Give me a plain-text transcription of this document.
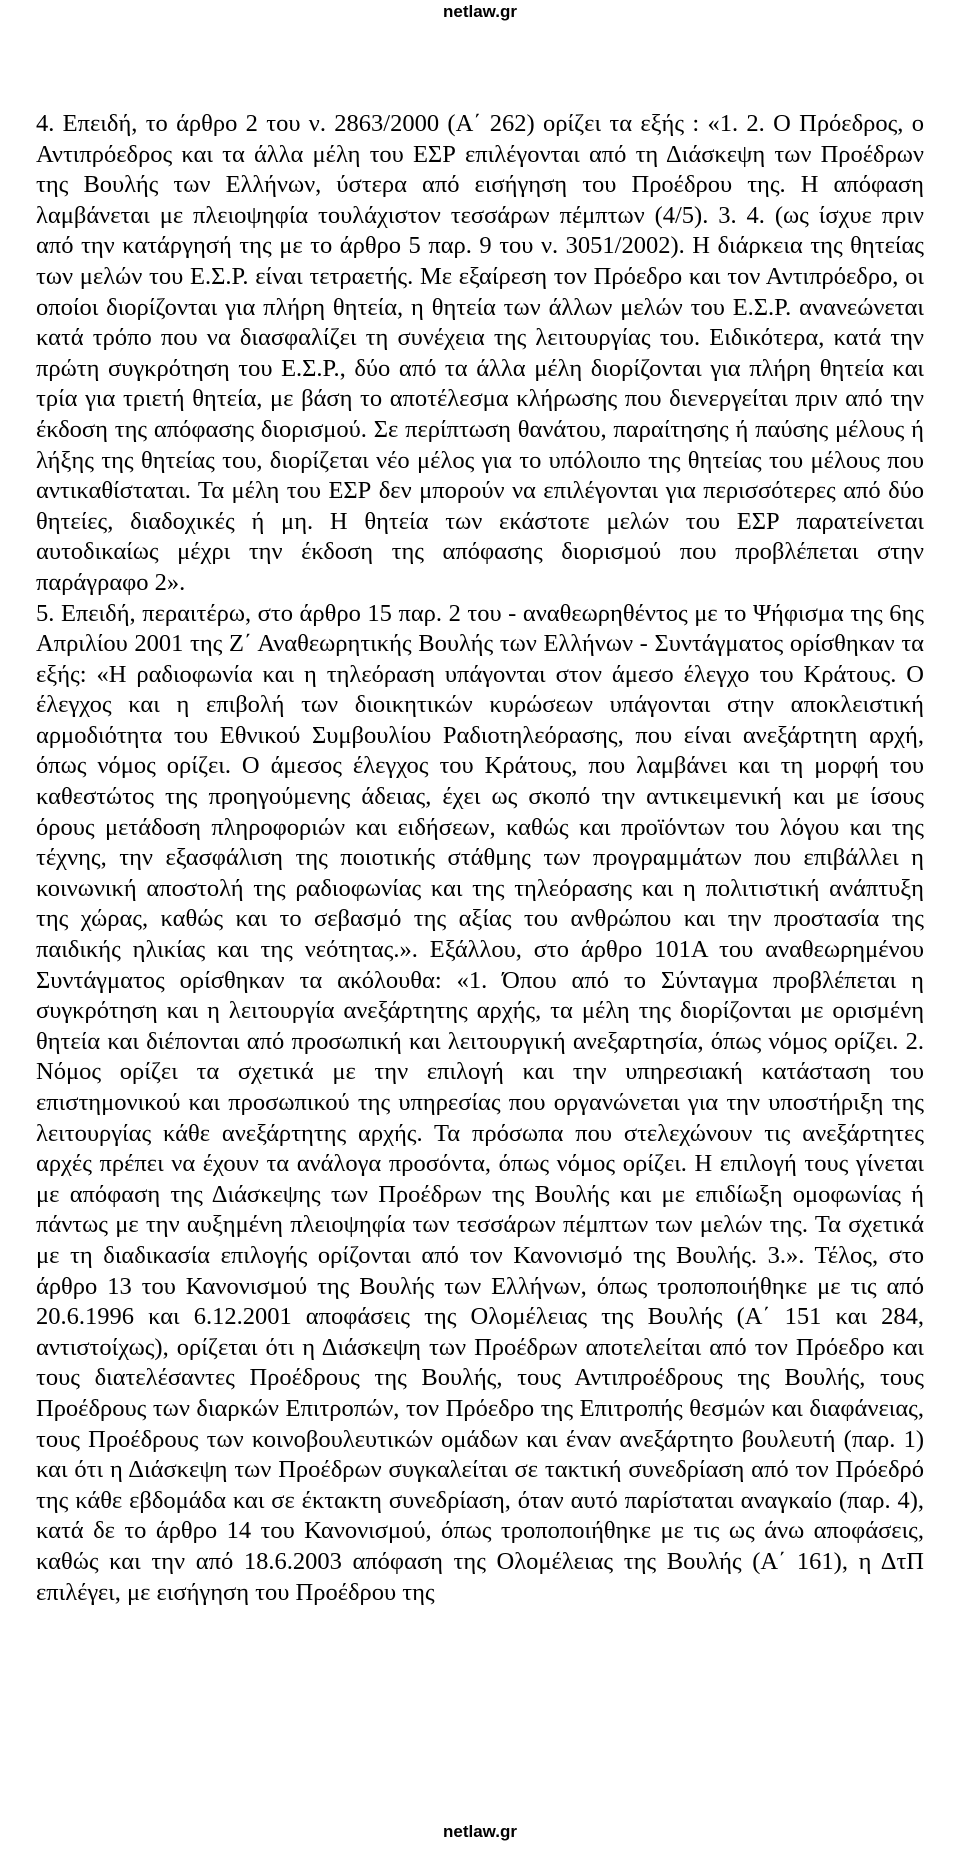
netlaw.gr

4. Επειδή, το άρθρο 2 του ν. 2863/2000 (Α΄ 262) ορίζει τα εξής : «1. 2. Ο Πρόεδρος, ο Αντιπρόεδρος και τα άλλα μέλη του ΕΣΡ επιλέγονται από τη Διάσκεψη των Προέδρων της Βουλής των Ελλήνων, ύστερα από εισήγηση του Προέδρου της. Η απόφαση λαμβάνεται με πλειοψηφία τουλάχιστον τεσσάρων πέμπτων (4/5). 3. 4. (ως ίσχυε πριν από την κατάργησή της με το άρθρο 5 παρ. 9 του ν. 3051/2002). Η διάρκεια της θητείας των μελών του Ε.Σ.Ρ. είναι τετραετής. Με εξαίρεση τον Πρόεδρο και τον Αντιπρόεδρο, οι οποίοι διορίζονται για πλήρη θητεία, η θητεία των άλλων μελών του Ε.Σ.Ρ. ανανεώνεται κατά τρόπο που να διασφαλίζει τη συνέχεια της λειτουργίας του. Ειδικότερα, κατά την πρώτη συγκρότηση του Ε.Σ.Ρ., δύο από τα άλλα μέλη διορίζονται για πλήρη θητεία και τρία για τριετή θητεία, με βάση το αποτέλεσμα κλήρωσης που διενεργείται πριν από την έκδοση της απόφασης διορισμού. Σε περίπτωση θανάτου, παραίτησης ή παύσης μέλους ή λήξης της θητείας του, διορίζεται νέο μέλος για το υπόλοιπο της θητείας του μέλους που αντικαθίσταται. Τα μέλη του ΕΣΡ δεν μπορούν να επιλέγονται για περισσότερες από δύο θητείες, διαδοχικές ή μη. Η θητεία των εκάστοτε μελών του ΕΣΡ παρατείνεται αυτοδικαίως μέχρι την έκδοση της απόφασης διορισμού που προβλέπεται στην παράγραφο 2».

5. Επειδή, περαιτέρω, στο άρθρο 15 παρ. 2 του - αναθεωρηθέντος με το Ψήφισμα της 6ης Απριλίου 2001 της Ζ΄ Αναθεωρητικής Βουλής των Ελλήνων - Συντάγματος ορίσθηκαν τα εξής: «Η ραδιοφωνία και η τηλεόραση υπάγονται στον άμεσο έλεγχο του Κράτους. Ο έλεγχος και η επιβολή των διοικητικών κυρώσεων υπάγονται στην αποκλειστική αρμοδιότητα του Εθνικού Συμβουλίου Ραδιοτηλεόρασης, που είναι ανεξάρτητη αρχή, όπως νόμος ορίζει. Ο άμεσος έλεγχος του Κράτους, που λαμβάνει και τη μορφή του καθεστώτος της προηγούμενης άδειας, έχει ως σκοπό την αντικειμενική και με ίσους όρους μετάδοση πληροφοριών και ειδήσεων, καθώς και προϊόντων του λόγου και της τέχνης, την εξασφάλιση της ποιοτικής στάθμης των προγραμμάτων που επιβάλλει η κοινωνική αποστολή της ραδιοφωνίας και της τηλεόρασης και η πολιτιστική ανάπτυξη της χώρας, καθώς και το σεβασμό της αξίας του ανθρώπου και την προστασία της παιδικής ηλικίας και της νεότητας.». Εξάλλου, στο άρθρο 101Α του αναθεωρημένου Συντάγματος ορίσθηκαν τα ακόλουθα: «1. Όπου από το Σύνταγμα προβλέπεται η συγκρότηση και η λειτουργία ανεξάρτητης αρχής, τα μέλη της διορίζονται με ορισμένη θητεία και διέπονται από προσωπική και λειτουργική ανεξαρτησία, όπως νόμος ορίζει. 2. Νόμος ορίζει τα σχετικά με την επιλογή και την υπηρεσιακή κατάσταση του επιστημονικού και προσωπικού της υπηρεσίας που οργανώνεται για την υποστήριξη της λειτουργίας κάθε ανεξάρτητης αρχής. Τα πρόσωπα που στελεχώνουν τις ανεξάρτητες αρχές πρέπει να έχουν τα ανάλογα προσόντα, όπως νόμος ορίζει. Η επιλογή τους γίνεται με απόφαση της Διάσκεψης των Προέδρων της Βουλής και με επιδίωξη ομοφωνίας ή πάντως με την αυξημένη πλειοψηφία των τεσσάρων πέμπτων των μελών της. Τα σχετικά με τη διαδικασία επιλογής ορίζονται από τον Κανονισμό της Βουλής. 3.». Τέλος, στο άρθρο 13 του Κανονισμού της Βουλής των Ελλήνων, όπως τροποποιήθηκε με τις από 20.6.1996 και 6.12.2001 αποφάσεις της Ολομέλειας της Βουλής (Α΄ 151 και 284, αντιστοίχως), ορίζεται ότι η Διάσκεψη των Προέδρων αποτελείται από τον Πρόεδρο και τους διατελέσαντες Προέδρους της Βουλής, τους Αντιπροέδρους της Βουλής, τους Προέδρους των διαρκών Επιτροπών, τον Πρόεδρο της Επιτροπής θεσμών και διαφάνειας, τους Προέδρους των κοινοβουλευτικών ομάδων και έναν ανεξάρτητο βουλευτή (παρ. 1) και ότι η Διάσκεψη των Προέδρων συγκαλείται σε τακτική συνεδρίαση από τον Πρόεδρό της κάθε εβδομάδα και σε έκτακτη συνεδρίαση, όταν αυτό παρίσταται αναγκαίο (παρ. 4), κατά δε το άρθρο 14 του Κανονισμού, όπως τροποποιήθηκε με τις ως άνω αποφάσεις, καθώς και την από 18.6.2003 απόφαση της Ολομέλειας της Βουλής (Α΄ 161), η ΔτΠ επιλέγει, με εισήγηση του Προέδρου της

netlaw.gr
